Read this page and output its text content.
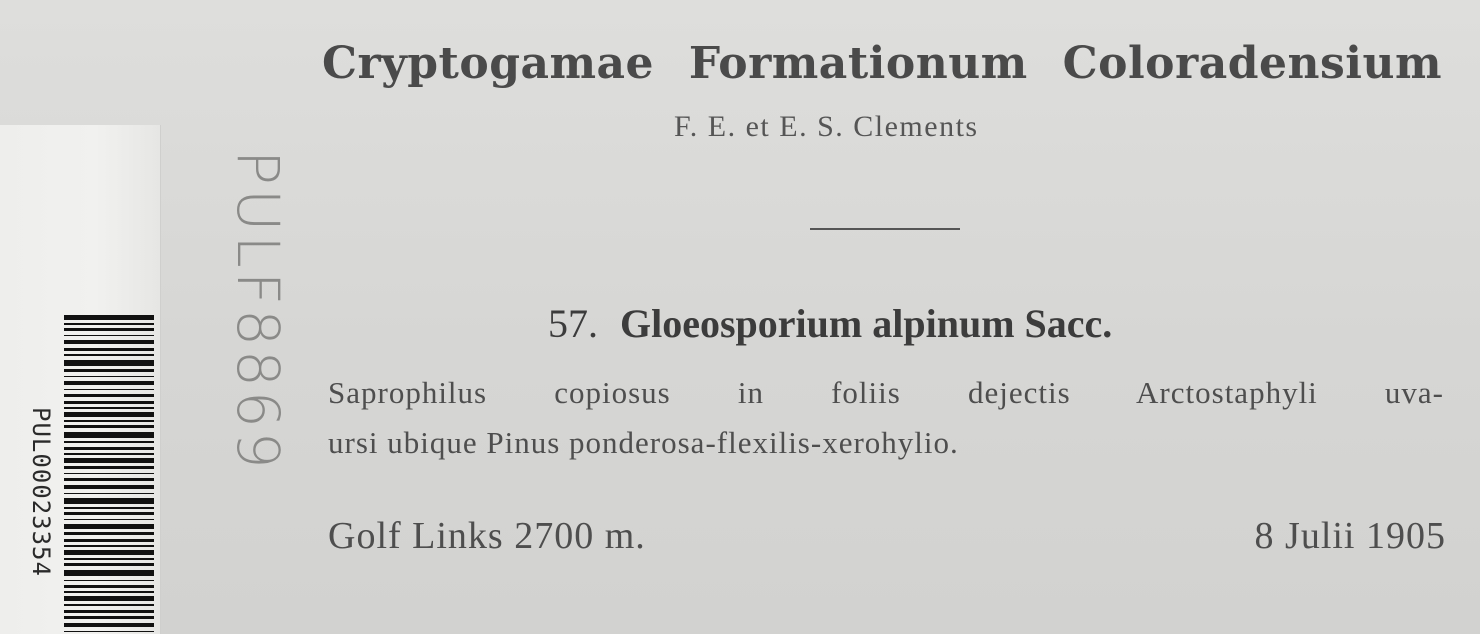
PUL00023354
PULF8869
Cryptogamae Formationum Coloradensium
F. E. et E. S. Clements
57. Gloeosporium alpinum Sacc.
Saprophilus copiosus in foliis dejectis Arctostaphyli uva-
ursi ubique Pinus ponderosa-flexilis-xerohylio.
Golf Links 2700 m.	8 Julii 1905
